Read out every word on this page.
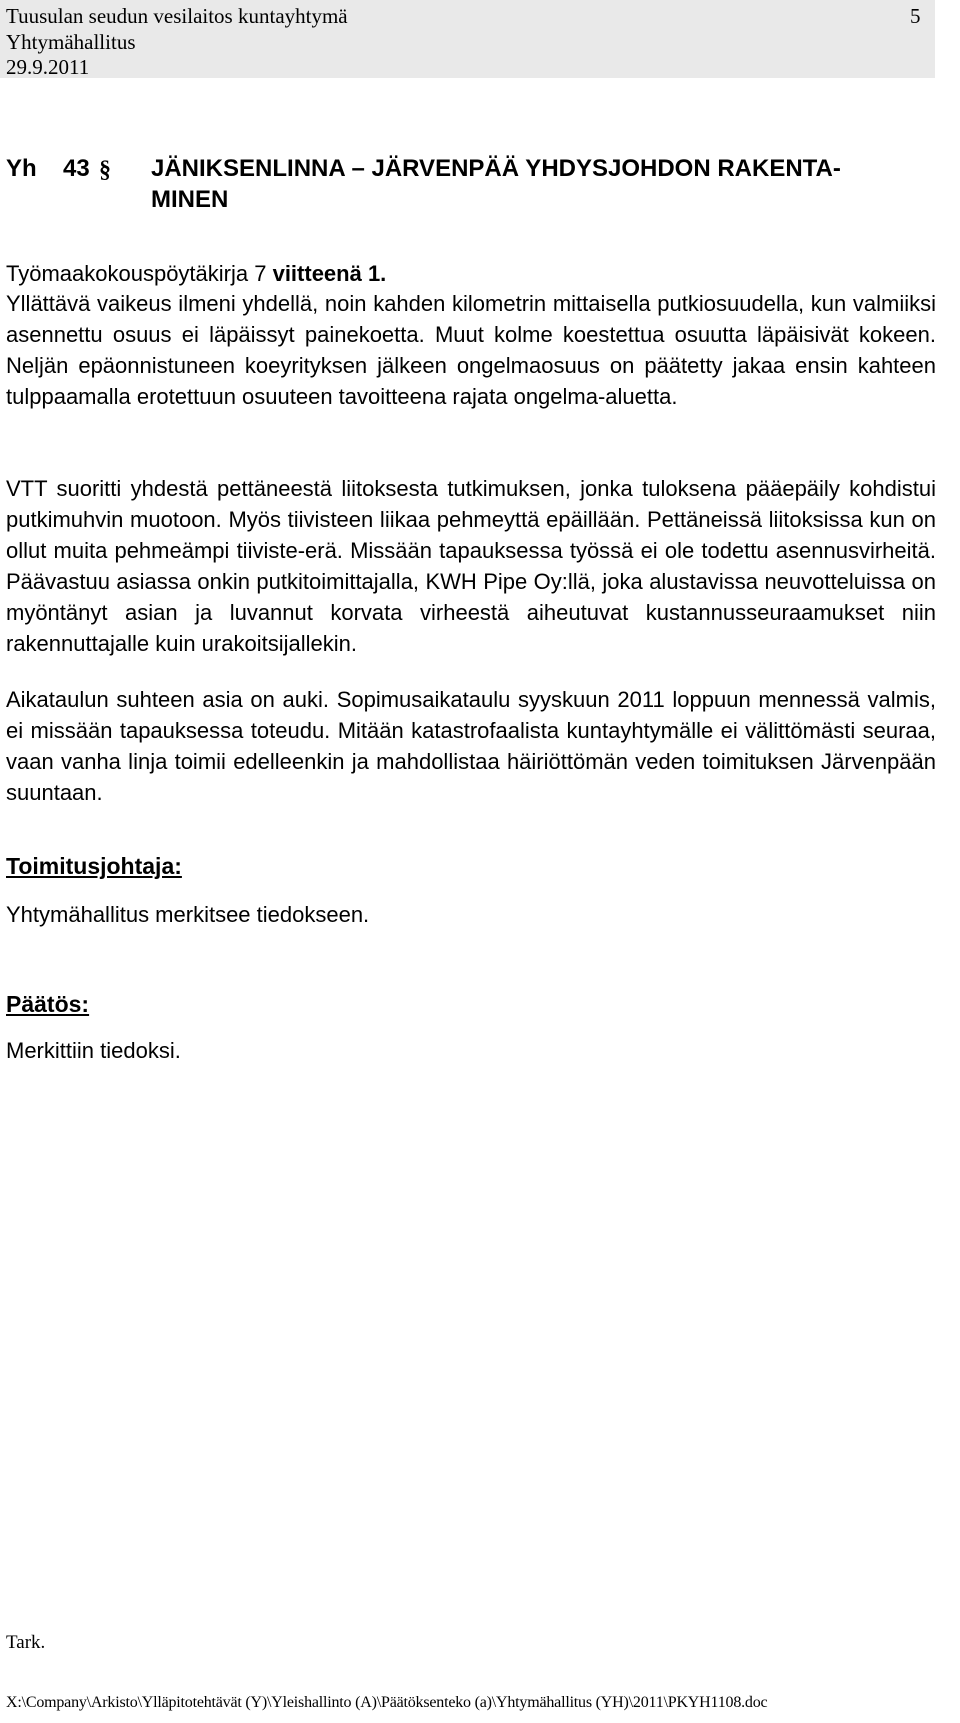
Tuusulan seudun vesilaitos kuntayhtymä
Yhtymähallitus
29.9.2011
5
Yh 43 § JÄNIKSENLINNA – JÄRVENPÄÄ YHDYSJOHDON RAKENTA-
MINEN
Työmaakokouspöytäkirja 7 viitteenä 1.

Yllättävä vaikeus ilmeni yhdellä, noin kahden kilometrin mittaisella putkiosuudella, kun valmiiksi asennettu osuus ei läpäissyt painekoetta. Muut kolme koestettua osuutta läpäisivät kokeen. Neljän epäonnistuneen koeyrityksen jälkeen ongelmaosuus on päätetty jakaa ensin kahteen tulppaamalla erotettuun osuuteen tavoitteena rajata ongelma-aluetta.

VTT suoritti yhdestä pettäneestä liitoksesta tutkimuksen, jonka tuloksena pääepäily kohdistui putkimuhvin muotoon. Myös tiivisteen liikaa pehmeyttä epäillään. Pettäneissä liitoksissa kun on ollut muita pehmeämpi tiiviste-erä. Missään tapauksessa työssä ei ole todettu asennusvirheitä. Päävastuu asiassa onkin putkitoimittajalla, KWH Pipe Oy:llä, joka alustavissa neuvotteluissa on myöntänyt asian ja luvannut korvata virheestä aiheutuvat kustannusseuraamukset niin rakennuttajalle kuin urakoitsijallekin.

Aikataulun suhteen asia on auki. Sopimusaikataulu syyskuun 2011 loppuun mennessä valmis, ei missään tapauksessa toteudu. Mitään katastrofaalista kuntayhtymälle ei välittömästi seuraa, vaan vanha linja toimii edelleenkin ja mahdollistaa häiriöttömän veden toimituksen Järvenpään suuntaan.

Toimitusjohtaja:
Yhtymähallitus merkitsee tiedokseen.
Päätös:
Merkittiin tiedoksi.
Tark.
X:\Company\Arkisto\Ylläpitotehtävät (Y)\Yleishallinto (A)\Päätöksenteko (a)\Yhtymähallitus (YH)\2011\PKYH1108.doc
